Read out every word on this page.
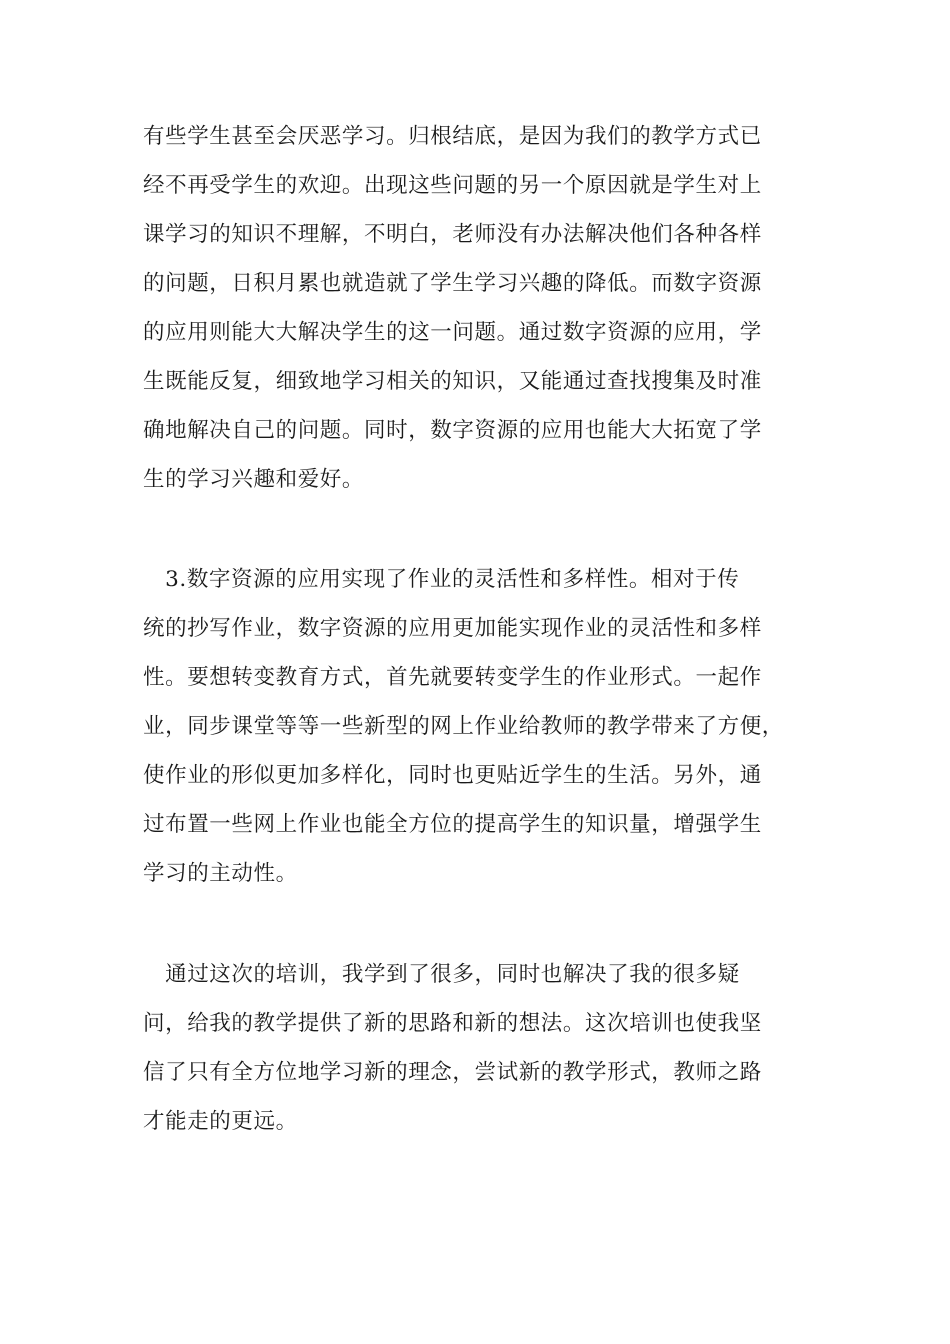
有些学生甚至会厌恶学习。归根结底，是因为我们的教学方式已
经不再受学生的欢迎。出现这些问题的另一个原因就是学生对上
课学习的知识不理解，不明白，老师没有办法解决他们各种各样
的问题，日积月累也就造就了学生学习兴趣的降低。而数字资源
的应用则能大大解决学生的这一问题。通过数字资源的应用，学
生既能反复，细致地学习相关的知识，又能通过查找搜集及时准
确地解决自己的问题。同时，数字资源的应用也能大大拓宽了学
生的学习兴趣和爱好。
　3.数字资源的应用实现了作业的灵活性和多样性。相对于传
统的抄写作业，数字资源的应用更加能实现作业的灵活性和多样
性。要想转变教育方式，首先就要转变学生的作业形式。一起作
业，同步课堂等等一些新型的网上作业给教师的教学带来了方便，
使作业的形似更加多样化，同时也更贴近学生的生活。另外，通
过布置一些网上作业也能全方位的提高学生的知识量，增强学生
学习的主动性。
　通过这次的培训，我学到了很多，同时也解决了我的很多疑
问，给我的教学提供了新的思路和新的想法。这次培训也使我坚
信了只有全方位地学习新的理念，尝试新的教学形式，教师之路
才能走的更远。
